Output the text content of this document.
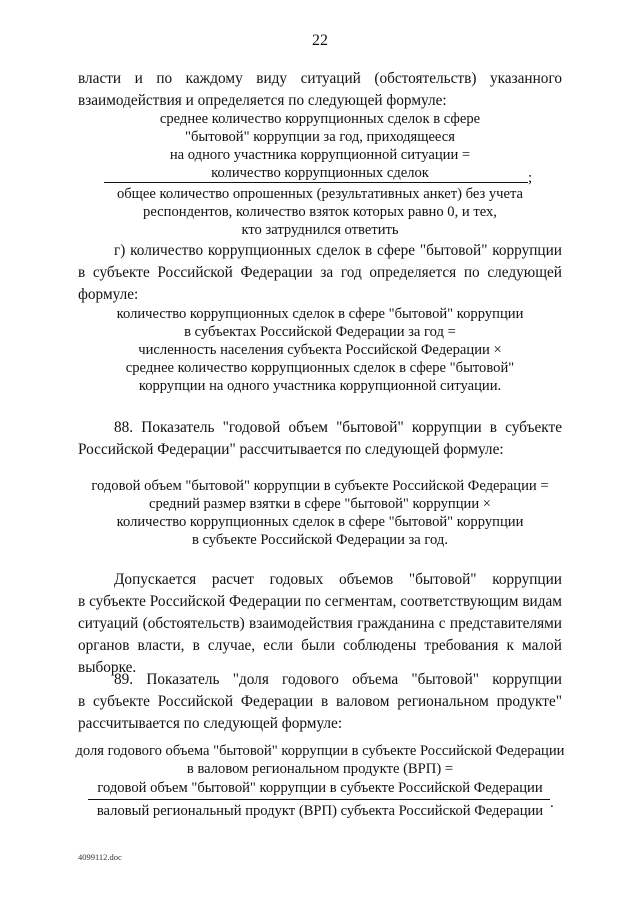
22
власти и по каждому виду ситуаций (обстоятельств) указанного
взаимодействия и определяется по следующей формуле:
среднее количество коррупционных сделок в сфере
"бытовой" коррупции за год, приходящееся
на одного участника коррупционной ситуации =
количество коррупционных сделок	;
общее количество опрошенных (результативных анкет) без учета
респондентов, количество взяток которых равно 0, и тех,
кто затруднился ответить
г) количество коррупционных сделок в сфере "бытовой" коррупции
в субъекте Российской Федерации за год определяется по следующей
формуле:
количество коррупционных сделок в сфере "бытовой" коррупции
в субъектах Российской Федерации за год =
численность населения субъекта Российской Федерации ×
среднее количество коррупционных сделок в сфере "бытовой"
коррупции на одного участника коррупционной ситуации.
88. Показатель "годовой объем "бытовой" коррупции в субъекте
Российской Федерации" рассчитывается по следующей формуле:
годовой объем "бытовой" коррупции в субъекте Российской Федерации =
средний размер взятки в сфере "бытовой" коррупции ×
количество коррупционных сделок в сфере "бытовой" коррупции
в субъекте Российской Федерации за год.
Допускается расчет годовых объемов "бытовой" коррупции
в субъекте Российской Федерации по сегментам, соответствующим видам
ситуаций (обстоятельств) взаимодействия гражданина с представителями
органов власти, в случае, если были соблюдены требования к малой
выборке.
89. Показатель "доля годового объема "бытовой" коррупции
в субъекте Российской Федерации в валовом региональном продукте"
рассчитывается по следующей формуле:
доля годового объема "бытовой" коррупции в субъекте Российской Федерации
в валовом региональном продукте (ВРП) =
годовой объем "бытовой" коррупции в субъекте Российской Федерации
валовый региональный продукт (ВРП) субъекта Российской Федерации .
4099112.doc
